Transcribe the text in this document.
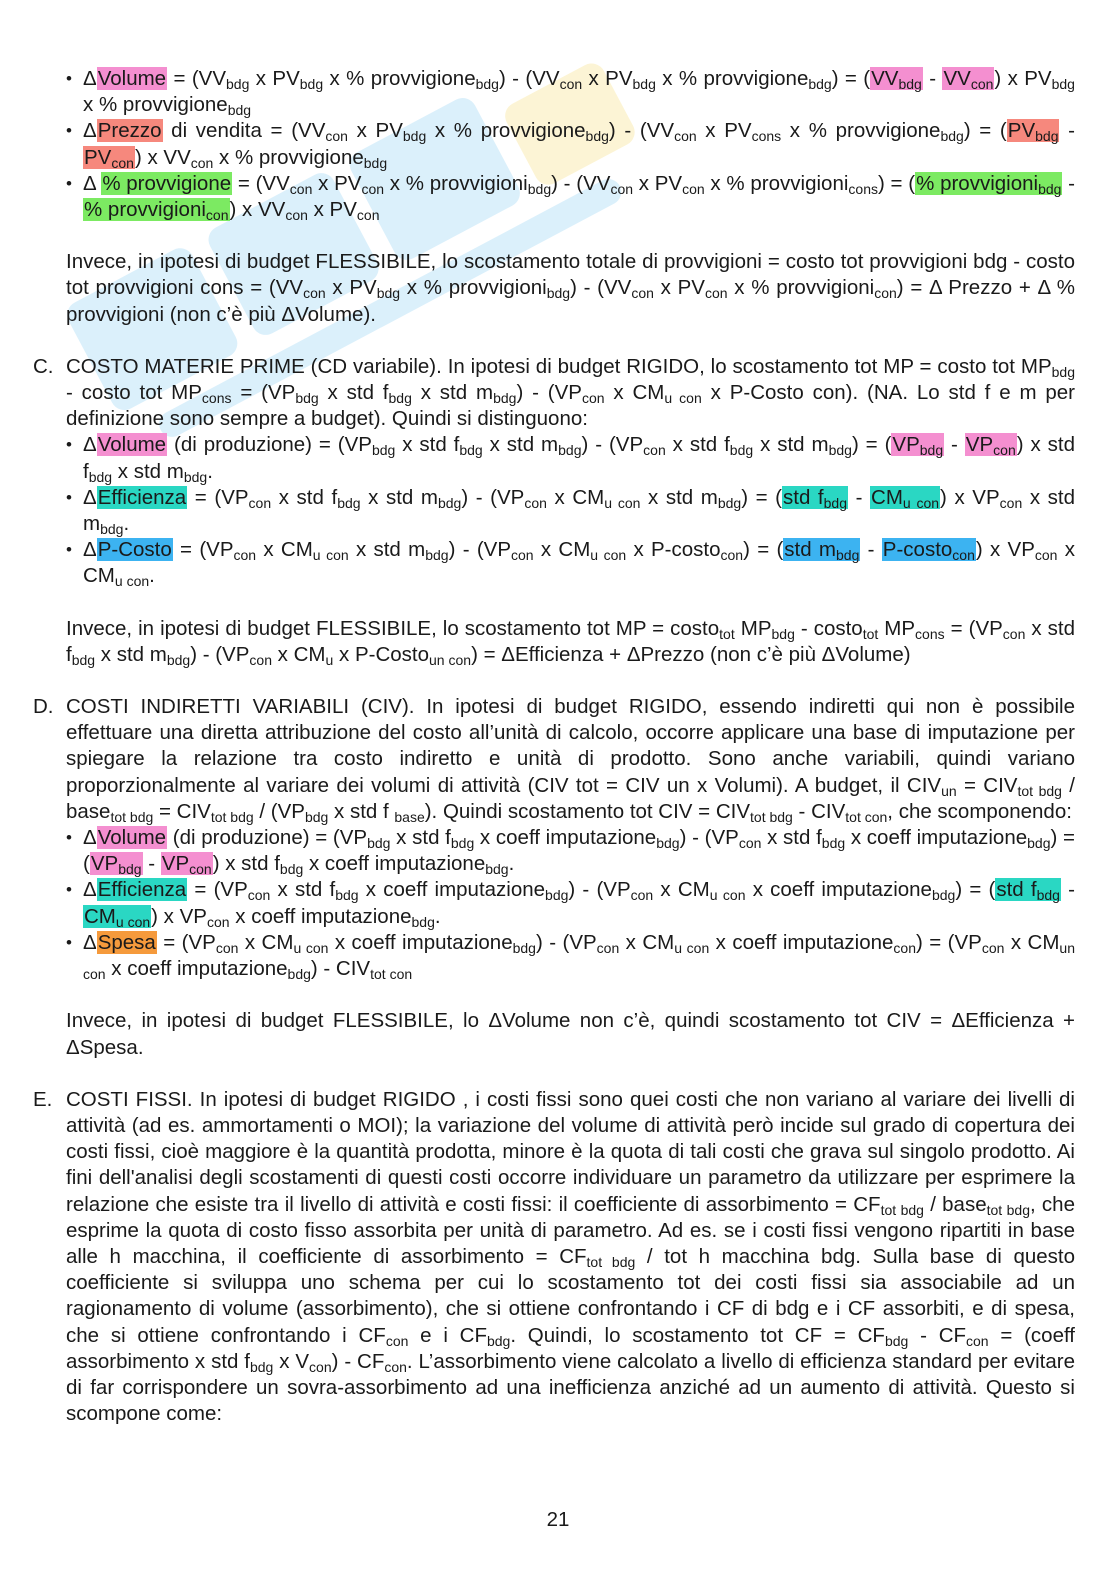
• ΔVolume = ($VV_{bdg}$ x $PV_{bdg}$ x % provvigione$_{bdg}$) - ($VV_{con}$ x $PV_{bdg}$ x % provvigione$_{bdg}$) = $(VV_{bdg} - VV_{con})$ x $PV_{bdg}$ x % provvigione$_{bdg}$
• ΔPrezzo di vendita = ($VV_{con}$ x $PV_{bdg}$ x % provvigione$_{bdg}$) - ($VV_{con}$ x $PV_{cons}$ x % provvigione$_{bdg}$) = $(PV_{bdg} - PV_{con})$ x $VV_{con}$ x % provvigione$_{bdg}$
• Δ % provvigione = ($VV_{con}$ x $PV_{con}$ x % provvigioni$_{bdg}$) - ($VV_{con}$ x $PV_{con}$ x % provvigioni$_{cons}$) = (% provvigioni$_{bdg}$ - % provvigioni$_{con}$) x $VV_{con}$ x $PV_{con}$

Invece, in ipotesi di budget FLESSIBILE, lo scostamento totale di provvigioni = costo tot provvigioni bdg - costo tot provvigioni cons = ($VV_{con}$ x $PV_{bdg}$ x % provvigioni$_{bdg}$) - ($VV_{con}$ x $PV_{con}$ x % provvigioni$_{con}$) = Δ Prezzo + Δ % provvigioni (non c’è più ΔVolume).

C. COSTO MATERIE PRIME (CD variabile). In ipotesi di budget RIGIDO, lo scostamento tot MP = costo tot $MP_{bdg}$ - costo tot $MP_{cons} = (VP_{bdg}$ x std $f_{bdg}$ x std $m_{bdg}) - (VP_{con}$ x $CM_{u con}$ x P-Costo con). (NA. Lo std f e m per definizione sono sempre a budget). Quindi si distinguono:

• ΔVolume (di produzione) = ($VP_{bdg}$ x std $f_{bdg}$ x std $m_{bdg}) - (VP_{con}$ x std $f_{bdg}$ x std $m_{bdg}) = (VP_{bdg} - VP_{con})$ x std $f_{bdg}$ x std $m_{bdg}$.
• ΔEfficienza = ($VP_{con}$ x std $f_{bdg}$ x std $m_{bdg}) - (VP_{con}$ x $CM_{u con}$ x std $m_{bdg}) = (std$ $f_{bdg} - CM_{u con}$) x $VP_{con}$ x std $m_{bdg}$.
• ΔP-Costo = ($VP_{con}$ x $CM_{u con}$ x std $m_{bdg}) - (VP_{con}$ x $CM_{u con}$ x P-costo$_{con}$) = (std $m_{bdg}$ - P-costo$_{con}$) x $VP_{con}$ x $CM_{u con}$.

Invece, in ipotesi di budget FLESSIBILE, lo scostamento tot MP = costo$_{tot}$ $MP_{bdg}$ - costo$_{tot}$ $MP_{cons} = (VP_{con}$ x std $f_{bdg}$ x std $m_{bdg}) - (VP_{con}$ x $CM_u$ x P-Costo$_{un con}$) = ΔEfficienza + ΔPrezzo (non c’è più ΔVolume)

D. COSTI INDIRETTI VARIABILI (CIV). In ipotesi di budget RIGIDO, essendo indiretti qui non è possibile effettuare una diretta attribuzione del costo all’unità di calcolo, occorre applicare una base di imputazione per spiegare la relazione tra costo indiretto e unità di prodotto. Sono anche variabili, quindi variano proporzionalmente al variare dei volumi di attività (CIV tot = CIV un x Volumi). A budget, il $CIV_{un} = CIV_{tot bdg}$ / base$_{tot bdg}$ = $CIV_{tot bdg} / (VP_{bdg}$ x std f $_{base}$). Quindi scostamento tot CIV = $CIV_{tot bdg} - CIV_{tot con}$, che scomponendo:

• ΔVolume (di produzione) = ($VP_{bdg}$ x std $f_{bdg}$ x coeff imputazione$_{bdg}$) - ($VP_{con}$ x std $f_{bdg}$ x coeff imputazione$_{bdg}$) = $(VP_{bdg} - VP_{con})$ x std $f_{bdg}$ x coeff imputazione$_{bdg}$.
• ΔEfficienza = ($VP_{con}$ x std $f_{bdg}$ x coeff imputazione$_{bdg}$) - ($VP_{con}$ x $CM_{u con}$ x coeff imputazione$_{bdg}$) = (std $f_{bdg} - CM_{u con}$) x $VP_{con}$ x coeff imputazione$_{bdg}$.
• ΔSpesa = ($VP_{con}$ x $CM_{u con}$ x coeff imputazione$_{bdg}$) - ($VP_{con}$ x $CM_{u con}$ x coeff imputazione$_{con}$) = ($VP_{con}$ x $CM_{un con}$ x coeff imputazione$_{bdg}$) - $CIV_{tot con}$

Invece, in ipotesi di budget FLESSIBILE, lo ΔVolume non c’è, quindi scostamento tot CIV = ΔEfficienza + ΔSpesa.

E. COSTI FISSI. In ipotesi di budget RIGIDO , i costi fissi sono quei costi che non variano al variare dei livelli di attività (ad es. ammortamenti o MOI); la variazione del volume di attività però incide sul grado di copertura dei costi fissi, cioè maggiore è la quantità prodotta, minore è la quota di tali costi che grava sul singolo prodotto. Ai fini dell'analisi degli scostamenti di questi costi occorre individuare un parametro da utilizzare per esprimere la relazione che esiste tra il livello di attività e costi fissi: il coefficiente di assorbimento = $CF_{tot bdg}$ / base$_{tot bdg}$, che esprime la quota di costo fisso assorbita per unità di parametro. Ad es. se i costi fissi vengono ripartiti in base alle h macchina, il coefficiente di assorbimento = $CF_{tot bdg}$ / tot h macchina bdg. Sulla base di questo coefficiente si sviluppa uno schema per cui lo scostamento tot dei costi fissi sia associabile ad un ragionamento di volume (assorbimento), che si ottiene confrontando i CF di bdg e i CF assorbiti, e di spesa, che si ottiene confrontando i $CF_{con}$ e i $CF_{bdg}$. Quindi, lo scostamento tot CF = $CF_{bdg} - CF_{con}$ = (coeff assorbimento x std $f_{bdg}$ x $V_{con}) - CF_{con}$. L’assorbimento viene calcolato a livello di efficienza standard per evitare di far corrispondere un sovra-assorbimento ad una inefficienza anziché ad un aumento di attività. Questo si scompone come:

21
